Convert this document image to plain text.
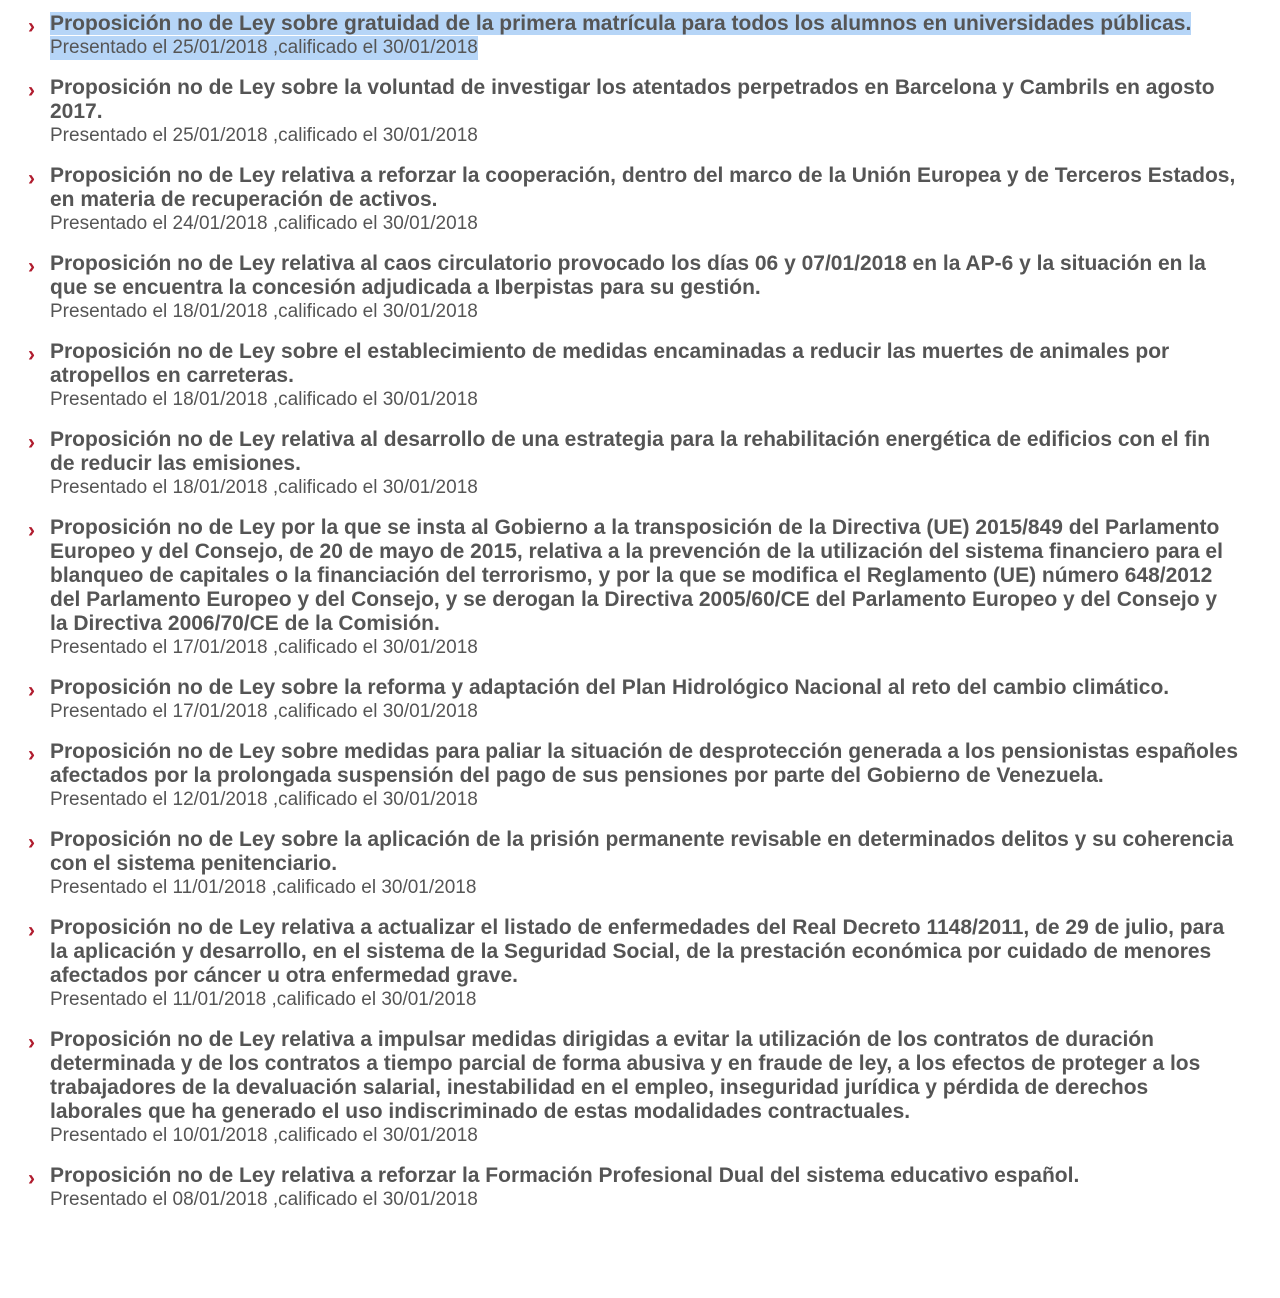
› Proposición no de Ley sobre gratuidad de la primera matrícula para todos los alumnos en universidades públicas.
Presentado el 25/01/2018 ,calificado el 30/01/2018
› Proposición no de Ley sobre la voluntad de investigar los atentados perpetrados en Barcelona y Cambrils en agosto 2017.
Presentado el 25/01/2018 ,calificado el 30/01/2018
› Proposición no de Ley relativa a reforzar la cooperación, dentro del marco de la Unión Europea y de Terceros Estados, en materia de recuperación de activos.
Presentado el 24/01/2018 ,calificado el 30/01/2018
› Proposición no de Ley relativa al caos circulatorio provocado los días 06 y 07/01/2018 en la AP-6 y la situación en la que se encuentra la concesión adjudicada a Iberpistas para su gestión.
Presentado el 18/01/2018 ,calificado el 30/01/2018
› Proposición no de Ley sobre el establecimiento de medidas encaminadas a reducir las muertes de animales por atropellos en carreteras.
Presentado el 18/01/2018 ,calificado el 30/01/2018
› Proposición no de Ley relativa al desarrollo de una estrategia para la rehabilitación energética de edificios con el fin de reducir las emisiones.
Presentado el 18/01/2018 ,calificado el 30/01/2018
› Proposición no de Ley por la que se insta al Gobierno a la transposición de la Directiva (UE) 2015/849 del Parlamento Europeo y del Consejo, de 20 de mayo de 2015, relativa a la prevención de la utilización del sistema financiero para el blanqueo de capitales o la financiación del terrorismo, y por la que se modifica el Reglamento (UE) número 648/2012 del Parlamento Europeo y del Consejo, y se derogan la Directiva 2005/60/CE del Parlamento Europeo y del Consejo y la Directiva 2006/70/CE de la Comisión.
Presentado el 17/01/2018 ,calificado el 30/01/2018
› Proposición no de Ley sobre la reforma y adaptación del Plan Hidrológico Nacional al reto del cambio climático.
Presentado el 17/01/2018 ,calificado el 30/01/2018
› Proposición no de Ley sobre medidas para paliar la situación de desprotección generada a los pensionistas españoles afectados por la prolongada suspensión del pago de sus pensiones por parte del Gobierno de Venezuela.
Presentado el 12/01/2018 ,calificado el 30/01/2018
› Proposición no de Ley sobre la aplicación de la prisión permanente revisable en determinados delitos y su coherencia con el sistema penitenciario.
Presentado el 11/01/2018 ,calificado el 30/01/2018
› Proposición no de Ley relativa a actualizar el listado de enfermedades del Real Decreto 1148/2011, de 29 de julio, para la aplicación y desarrollo, en el sistema de la Seguridad Social, de la prestación económica por cuidado de menores afectados por cáncer u otra enfermedad grave.
Presentado el 11/01/2018 ,calificado el 30/01/2018
› Proposición no de Ley relativa a impulsar medidas dirigidas a evitar la utilización de los contratos de duración determinada y de los contratos a tiempo parcial de forma abusiva y en fraude de ley, a los efectos de proteger a los trabajadores de la devaluación salarial, inestabilidad en el empleo, inseguridad jurídica y pérdida de derechos laborales que ha generado el uso indiscriminado de estas modalidades contractuales.
Presentado el 10/01/2018 ,calificado el 30/01/2018
› Proposición no de Ley relativa a reforzar la Formación Profesional Dual del sistema educativo español.
Presentado el 08/01/2018 ,calificado el 30/01/2018
